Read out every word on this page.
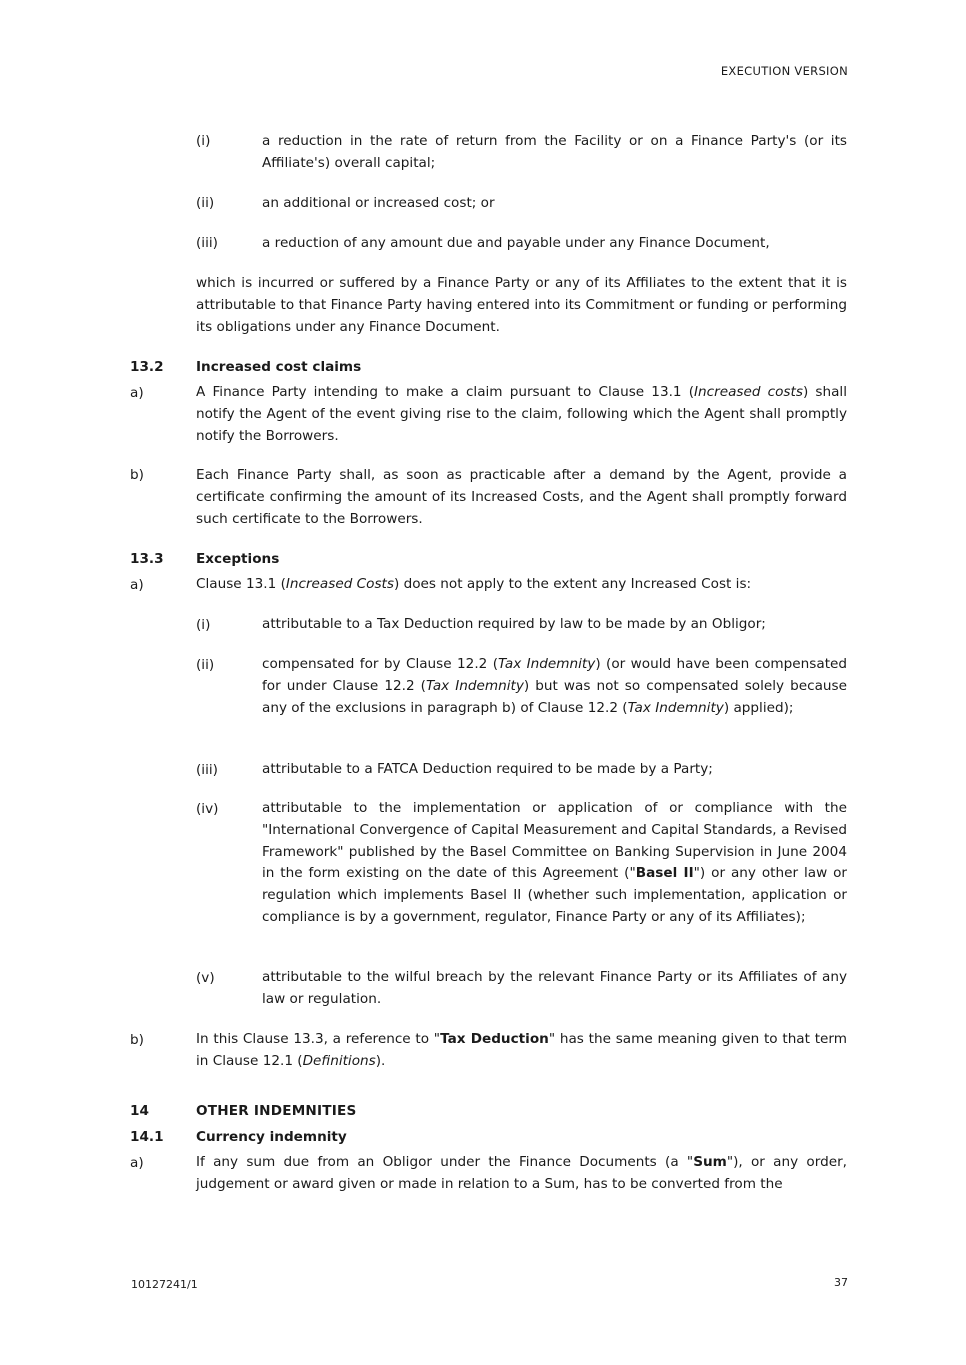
EXECUTION VERSION
(i)	a reduction in the rate of return from the Facility or on a Finance Party's (or its Affiliate's) overall capital;

(ii)	an additional or increased cost; or

(iii)	a reduction of any amount due and payable under any Finance Document,

which is incurred or suffered by a Finance Party or any of its Affiliates to the extent that it is attributable to that Finance Party having entered into its Commitment or funding or performing its obligations under any Finance Document.

13.2 Increased cost claims
a)	A Finance Party intending to make a claim pursuant to Clause 13.1 (Increased costs) shall notify the Agent of the event giving rise to the claim, following which the Agent shall promptly notify the Borrowers.

b)	Each Finance Party shall, as soon as practicable after a demand by the Agent, provide a certificate confirming the amount of its Increased Costs, and the Agent shall promptly forward such certificate to the Borrowers.

13.3 Exceptions
a)	Clause 13.1 (Increased Costs) does not apply to the extent any Increased Cost is:

(i)	attributable to a Tax Deduction required by law to be made by an Obligor;

(ii)	compensated for by Clause 12.2 (Tax Indemnity) (or would have been compensated for under Clause 12.2 (Tax Indemnity) but was not so compensated solely because any of the exclusions in paragraph b) of Clause 12.2 (Tax Indemnity) applied);

(iii)	attributable to a FATCA Deduction required to be made by a Party;

(iv)	attributable to the implementation or application of or compliance with the "International Convergence of Capital Measurement and Capital Standards, a Revised Framework" published by the Basel Committee on Banking Supervision in June 2004 in the form existing on the date of this Agreement ("Basel II") or any other law or regulation which implements Basel II (whether such implementation, application or compliance is by a government, regulator, Finance Party or any of its Affiliates);

(v)	attributable to the wilful breach by the relevant Finance Party or its Affiliates of any law or regulation.

b)	In this Clause 13.3, a reference to "Tax Deduction" has the same meaning given to that term in Clause 12.1 (Definitions).

14	OTHER INDEMNITIES
14.1 Currency indemnity
a)	If any sum due from an Obligor under the Finance Documents (a "Sum"), or any order, judgement or award given or made in relation to a Sum, has to be converted from the

10127241/1	37
